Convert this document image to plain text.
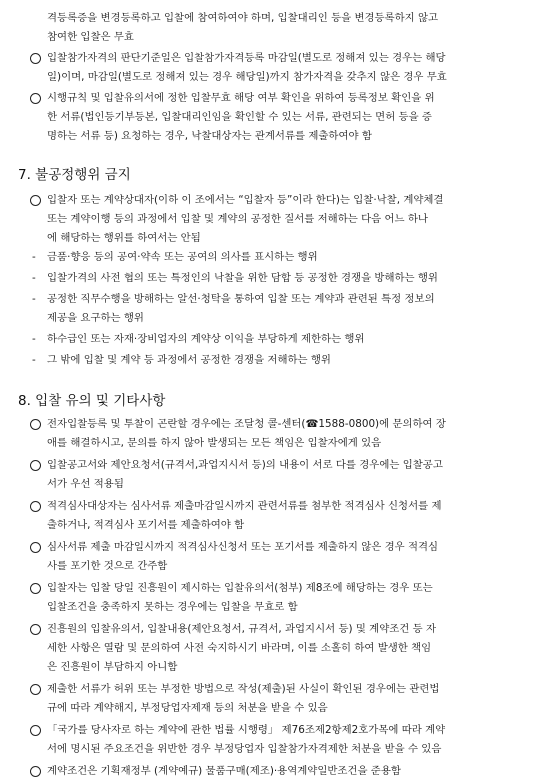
격등록증을 변경등록하고 입찰에 참여하여야 하며, 입찰대리인 등을 변경등록하지 않고
참여한 입찰은 무효
입찰참가자격의 판단기준일은 입찰참가자격등록 마감일(별도로 정해져 있는 경우는 해당
일)이며, 마감일(별도로 정해져 있는 경우 해당일)까지 참가자격을 갖추지 않은 경우 무효
시행규칙 및 입찰유의서에 정한 입찰무효 해당 여부 확인을 위하여 등록정보 확인을 위
한 서류(법인등기부등본, 입찰대리인임을 확인할 수 있는 서류, 관련되는 면허 등을 증
명하는 서류 등) 요청하는 경우, 낙찰대상자는 관계서류를 제출하여야 함
7. 불공정행위 금지
입찰자 또는 계약상대자(이하 이 조에서는 “입찰자 등”이라 한다)는 입찰·낙찰, 계약체결
또는 계약이행 등의 과정에서 입찰 및 계약의 공정한 질서를 저해하는 다음 어느 하나
에 해당하는 행위를 하여서는 안됨
- 금품·향응 등의 공여·약속 또는 공여의 의사를 표시하는 행위
- 입찰가격의 사전 협의 또는 특정인의 낙찰을 위한 담합 등 공정한 경쟁을 방해하는 행위
- 공정한 직무수행을 방해하는 알선·청탁을 통하여 입찰 또는 계약과 관련된 특정 정보의
제공을 요구하는 행위
- 하수급인 또는 자재·장비업자의 계약상 이익을 부당하게 제한하는 행위
- 그 밖에 입찰 및 계약 등 과정에서 공정한 경쟁을 저해하는 행위
8. 입찰 유의 및 기타사항
전자입찰등록 및 투찰이 곤란할 경우에는 조달청 콜-센터(☎1588-0800)에 문의하여 장
애를 해결하시고, 문의를 하지 않아 발생되는 모든 책임은 입찰자에게 있음
입찰공고서와 제안요청서(규격서,과업지시서 등)의 내용이 서로 다를 경우에는 입찰공고
서가 우선 적용됨
적격심사대상자는 심사서류 제출마감일시까지 관련서류를 첨부한 적격심사 신청서를 제
출하거나, 적격심사 포기서를 제출하여야 함
심사서류 제출 마감일시까지 적격심사신청서 또는 포기서를 제출하지 않은 경우 적격심
사를 포기한 것으로 간주함
입찰자는 입찰 당일 진흥원이 제시하는 입찰유의서(첨부) 제8조에 해당하는 경우 또는
입찰조건을 충족하지 못하는 경우에는 입찰을 무효로 함
진흥원의 입찰유의서, 입찰내용(제안요청서, 규격서, 과업지시서 등) 및 계약조건 등 자
세한 사항은 열람 및 문의하여 사전 숙지하시기 바라며, 이를 소홀히 하여 발생한 책임
은 진흥원이 부담하지 아니함
제출한 서류가 허위 또는 부정한 방법으로 작성(제출)된 사실이 확인된 경우에는 관련법
규에 따라 계약해지, 부정당업자제재 등의 처분을 받을 수 있음
「국가를 당사자로 하는 계약에 관한 법률 시행령」 제76조제2항제2호가목에 따라 계약
서에 명시된 주요조건을 위반한 경우 부정당업자 입찰참가자격제한 처분을 받을 수 있음
계약조건은 기획재정부 (계약예규) 물품구매(제조)·용역계약일반조건을 준용함
